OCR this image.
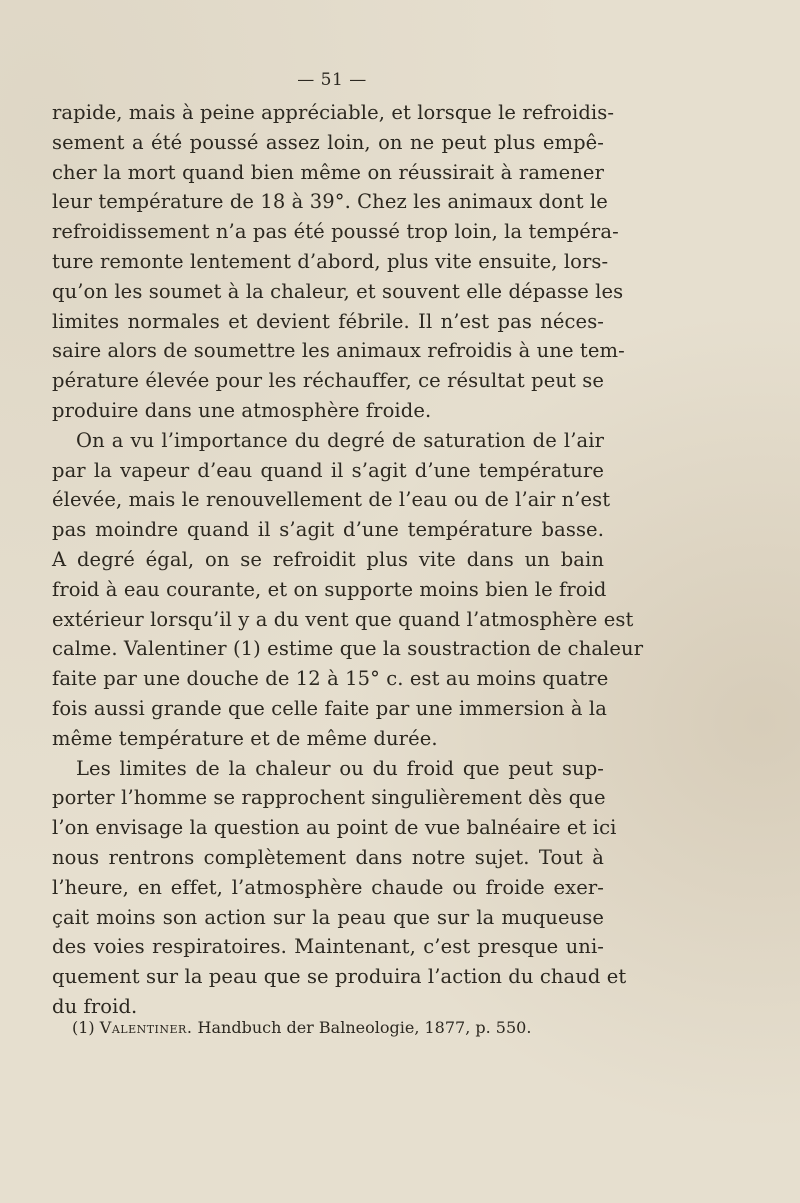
— 51 —
rapide, mais à peine appréciable, et lorsque le refroidis-
sement a été poussé assez loin, on ne peut plus empê-
cher la mort quand bien même on réussirait à ramener
leur température de 18 à 39°. Chez les animaux dont le
refroidissement n’a pas été poussé trop loin, la tempéra-
ture remonte lentement d’abord, plus vite ensuite, lors-
qu’on les soumet à la chaleur, et souvent elle dépasse les
limites normales et devient fébrile. Il n’est pas néces-
saire alors de soumettre les animaux refroidis à une tem-
pérature élevée pour les réchauffer, ce résultat peut se
produire dans une atmosphère froide.
On a vu l’importance du degré de saturation de l’air
par la vapeur d’eau quand il s’agit d’une température
élevée, mais le renouvellement de l’eau ou de l’air n’est
pas moindre quand il s’agit d’une température basse.
A degré égal, on se refroidit plus vite dans un bain
froid à eau courante, et on supporte moins bien le froid
extérieur lorsqu’il y a du vent que quand l’atmosphère est
calme. Valentiner (1) estime que la soustraction de chaleur
faite par une douche de 12 à 15° c. est au moins quatre
fois aussi grande que celle faite par une immersion à la
même température et de même durée.
Les limites de la chaleur ou du froid que peut sup-
porter l’homme se rapprochent singulièrement dès que
l’on envisage la question au point de vue balnéaire et ici
nous rentrons complètement dans notre sujet. Tout à
l’heure, en effet, l’atmosphère chaude ou froide exer-
çait moins son action sur la peau que sur la muqueuse
des voies respiratoires. Maintenant, c’est presque uni-
quement sur la peau que se produira l’action du chaud et
du froid.
(1) Valentiner. Handbuch der Balneologie, 1877, p. 550.
